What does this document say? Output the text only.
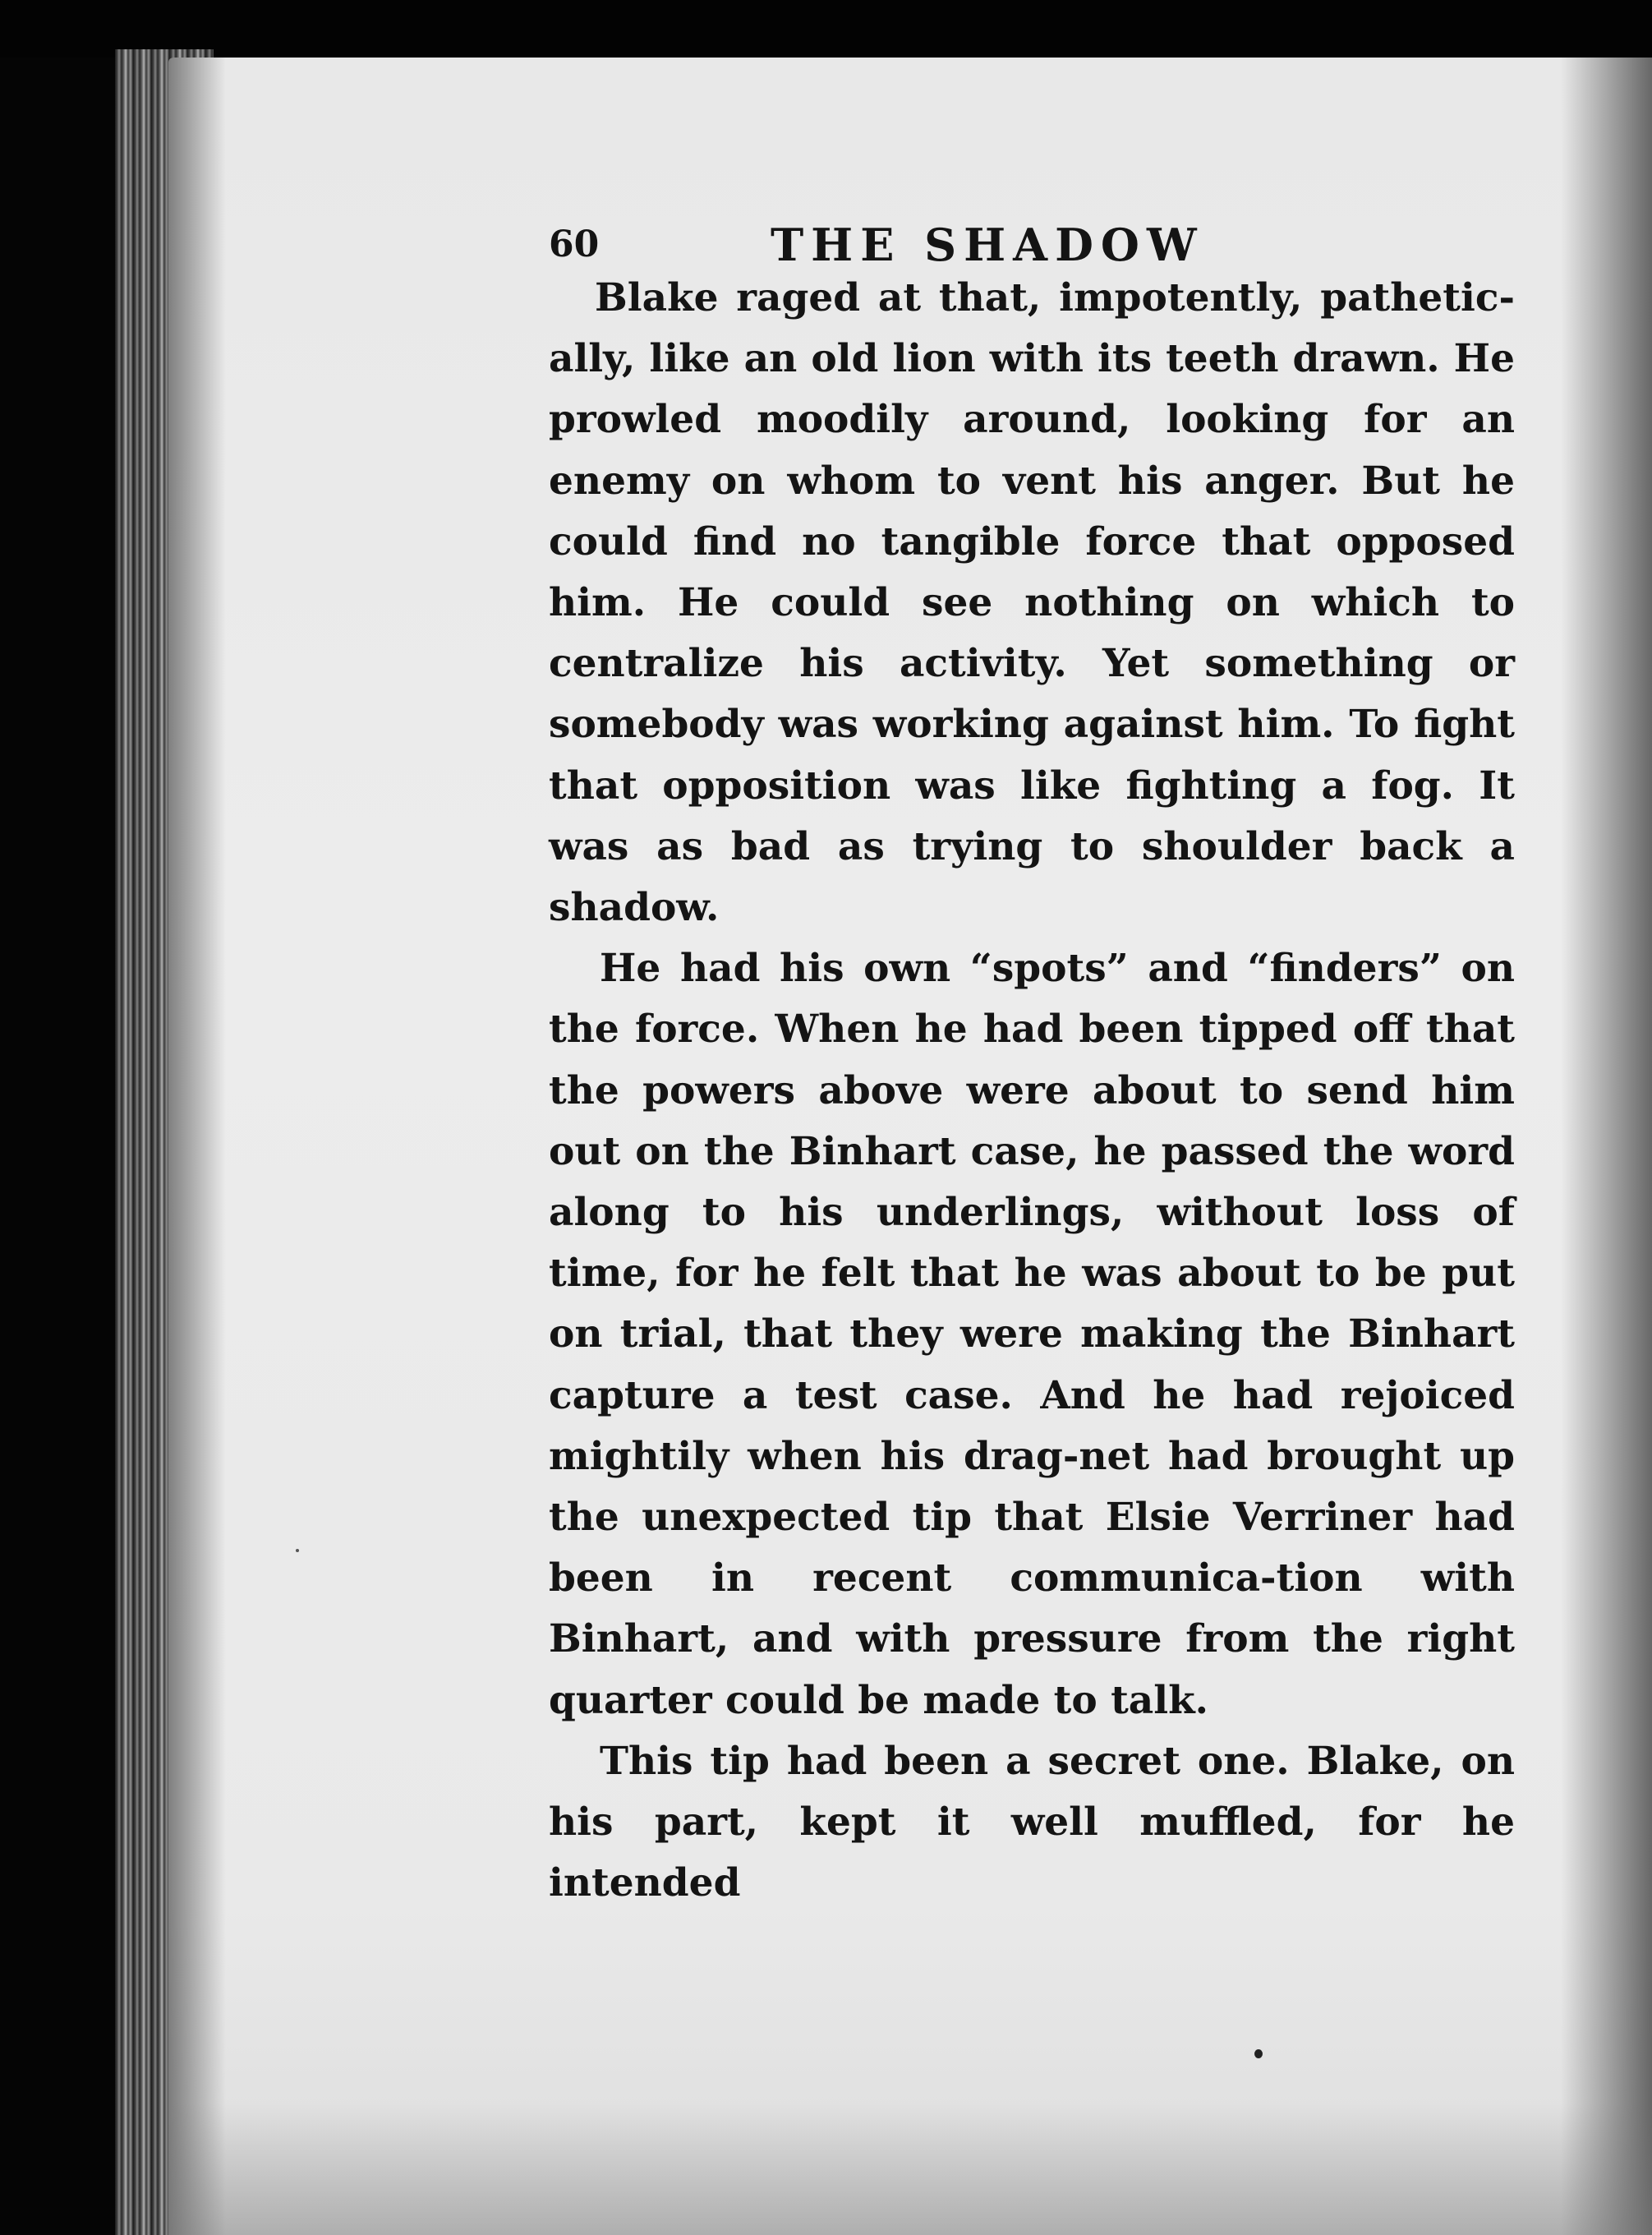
60	THE SHADOW

Blake raged at that, impotently, pathetic-ally, like an old lion with its teeth drawn. He prowled moodily around, looking for an enemy on whom to vent his anger. But he could find no tangible force that opposed him. He could see nothing on which to centralize his activity. Yet something or somebody was working against him. To fight that opposition was like fighting a fog. It was as bad as trying to shoulder back a shadow.

He had his own “spots” and “finders” on the force. When he had been tipped off that the powers above were about to send him out on the Binhart case, he passed the word along to his underlings, without loss of time, for he felt that he was about to be put on trial, that they were making the Binhart capture a test case. And he had rejoiced mightily when his drag-net had brought up the unexpected tip that Elsie Verriner had been in recent communica-tion with Binhart, and with pressure from the right quarter could be made to talk.

This tip had been a secret one. Blake, on his part, kept it well muffled, for he intended
